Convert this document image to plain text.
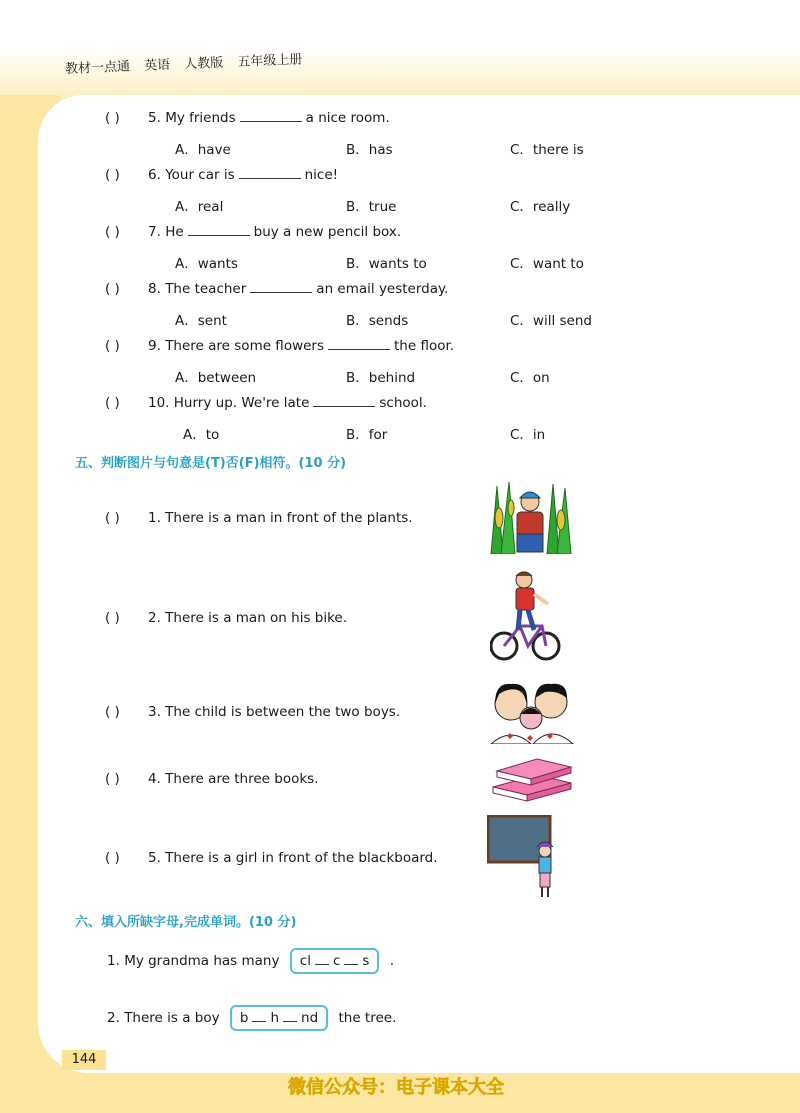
教材一点通 英语 人教版 五年级上册
( ) 5. My friends	a nice room.
A．have	B．has	C．there is
( ) 6. Your car is	nice!
A．real	B．true	C．really
( ) 7. He	buy a new pencil box.
A．wants	B．wants to	C．want to
( ) 8. The teacher	an email yesterday.
A．sent	B．sends	C．will send
( ) 9. There are some flowers	the floor.
A．between	B．behind	C．on
( ) 10. Hurry up. We're late	school.
A．to	B．for	C．in
五、判断图片与句意是(T)否(F)相符。(10 分)
( ) 1. There is a man in front of the plants.
( ) 2. There is a man on his bike.
( ) 3. The child is between the two boys.
( ) 4. There are three books.
( ) 5. There is a girl in front of the blackboard.
六、填入所缺字母,完成单词。(10 分)
1. My grandma has many cl c s .
2. There is a boy b h nd the tree.
144
微信公众号：电子课本大全
